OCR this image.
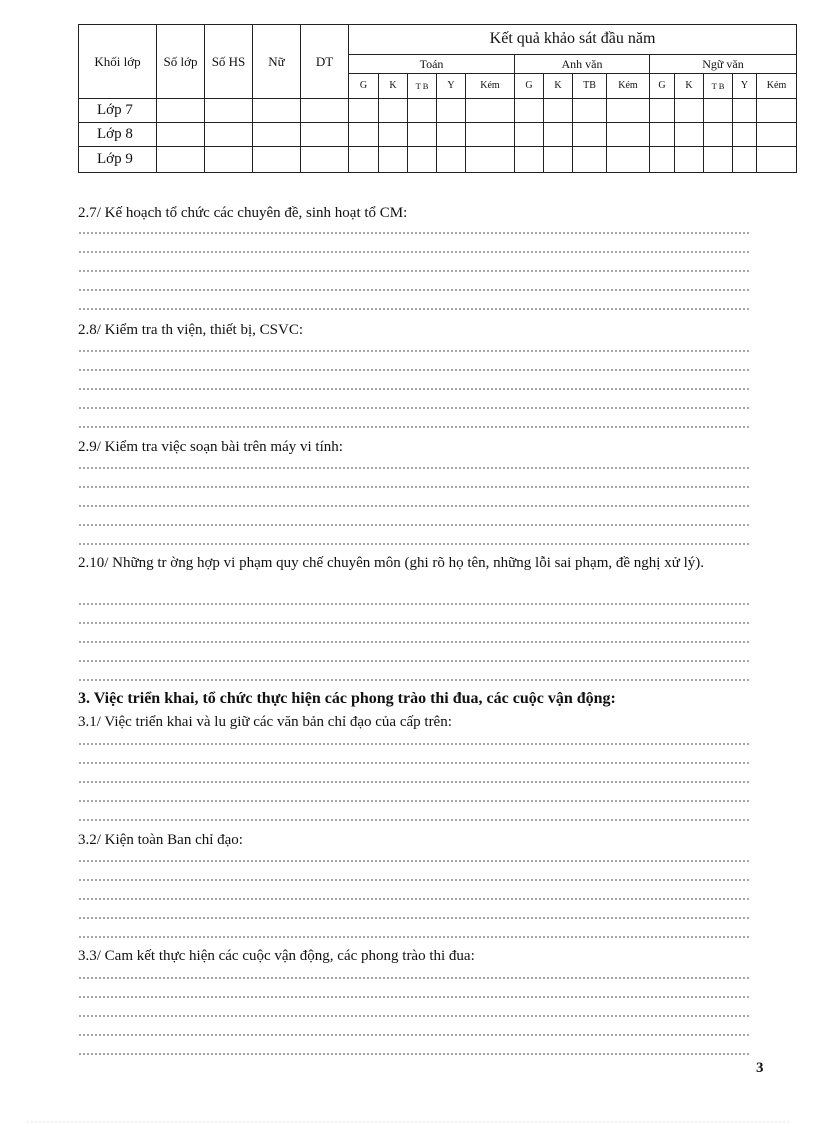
Khối lớp	Số lớp	Số HS	Nữ	DT	Kết quả khảo sát đầu năm													
					Toán					Anh văn				Ngữ văn				
					G	K	T B	Y	Kém	G	K	TB	Kém	G	K	T B	Y	Kém
Lớp 7																		
Lớp 8																		
Lớp 9																		
2.7/ Kế hoạch tổ chức các chuyên đề, sinh hoạt tổ CM:
2.8/ Kiểm tra th viện, thiết bị, CSVC:
2.9/ Kiểm tra việc soạn bài trên máy vi tính:
2.10/ Những tr ờng hợp vi phạm quy chế chuyên môn (ghi rõ họ tên, những lỗi sai phạm, đề nghị xử lý).
3. Việc triển khai, tổ chức thực hiện các phong trào thi đua, các cuộc vận động:
3.1/ Việc triển khai và lu giữ các văn bản chỉ đạo của cấp trên:
3.2/ Kiện toàn Ban chỉ đạo:
3.3/ Cam kết thực hiện các cuộc vận động, các phong trào thi đua:
3
